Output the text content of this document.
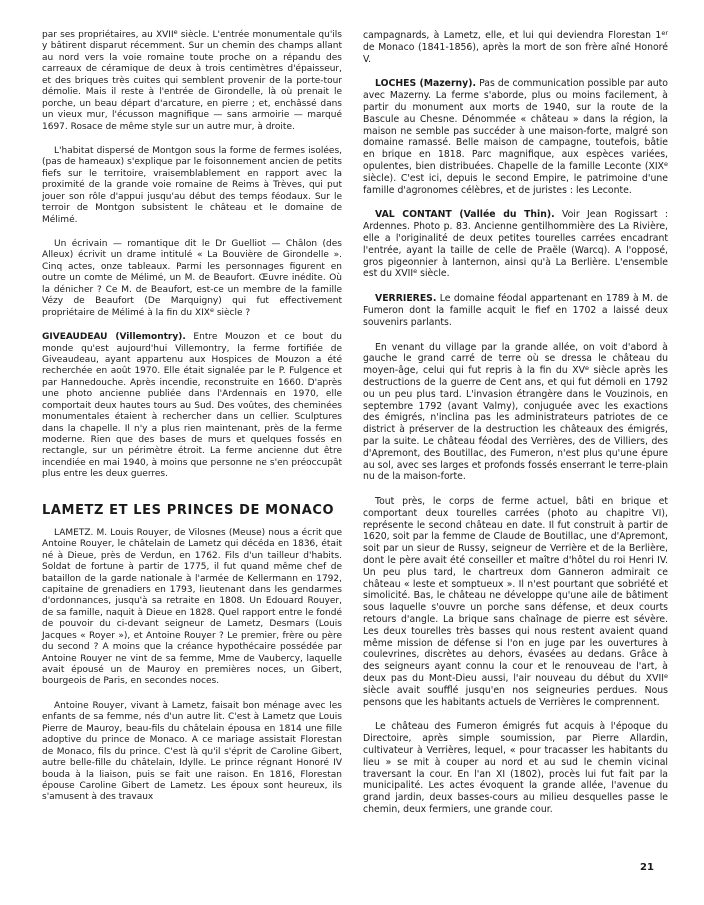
par ses propriétaires, au XVIIe siècle. L'entrée monumentale qu'ils y bâtirent disparut récemment. Sur un chemin des champs allant au nord vers la voie romaine toute proche on a répandu des carreaux de céramique de deux à trois centimètres d'épaisseur, et des briques très cuites qui semblent provenir de la porte-tour démolie. Mais il reste à l'entrée de Girondelle, là où prenait le porche, un beau départ d'arcature, en pierre ; et, enchâssé dans un vieux mur, l'écusson magnifique — sans armoirie — marqué 1697. Rosace de même style sur un autre mur, à droite.

L'habitat dispersé de Montgon sous la forme de fermes isolées, (pas de hameaux) s'explique par le foisonnement ancien de petits fiefs sur le territoire, vraisemblablement en rapport avec la proximité de la grande voie romaine de Reims à Trèves, qui put jouer son rôle d'appui jusqu'au début des temps féodaux. Sur le terroir de Montgon subsistent le château et le domaine de Mélimé.

Un écrivain — romantique dit le Dr Guelliot — Châlon (des Alleux) écrivit un drame intitulé « La Bouvière de Girondelle ». Cinq actes, onze tableaux. Parmi les personnages figurent en outre un comte de Mélimé, un M. de Beaufort. Œuvre inédite. Où la dénicher ? Ce M. de Beaufort, est-ce un membre de la famille Vézy de Beaufort (De Marquigny) qui fut effectivement propriétaire de Mélimé à la fin du XIXe siècle ?

GIVEAUDEAU (Villemontry). Entre Mouzon et ce bout du monde qu'est aujourd'hui Villemontry, la ferme fortifiée de Giveaudeau, ayant appartenu aux Hospices de Mouzon a été recherchée en août 1970. Elle était signalée par le P. Fulgence et par Hannedouche. Après incendie, reconstruite en 1660. D'après une photo ancienne publiée dans l'Ardennais en 1970, elle comportait deux hautes tours au Sud. Des voûtes, des cheminées monumentales étaient à rechercher dans un cellier. Sculptures dans la chapelle. Il n'y a plus rien maintenant, près de la ferme moderne. Rien que des bases de murs et quelques fossés en rectangle, sur un périmètre étroit. La ferme ancienne dut être incendiée en mai 1940, à moins que personne ne s'en préoccupât plus entre les deux guerres.

LAMETZ ET LES PRINCES DE MONACO

LAMETZ. M. Louis Rouyer, de Vilosnes (Meuse) nous a écrit que Antoine Rouyer, le châtelain de Lametz qui décéda en 1836, était né à Dieue, près de Verdun, en 1762. Fils d'un tailleur d'habits. Soldat de fortune à partir de 1775, il fut quand même chef de bataillon de la garde nationale à l'armée de Kellermann en 1792, capitaine de grenadiers en 1793, lieutenant dans les gendarmes d'ordonnances, jusqu'à sa retraite en 1808. Un Edouard Rouyer, de sa famille, naquit à Dieue en 1828. Quel rapport entre le fondé de pouvoir du ci-devant seigneur de Lametz, Desmars (Louis Jacques « Royer »), et Antoine Rouyer ? Le premier, frère ou père du second ? A moins que la créance hypothécaire possédée par Antoine Rouyer ne vint de sa femme, Mme de Vaubercy, laquelle avait épousé un de Mauroy en premières noces, un Gibert, bourgeois de Paris, en secondes noces.

Antoine Rouyer, vivant à Lametz, faisait bon ménage avec les enfants de sa femme, nés d'un autre lit. C'est à Lametz que Louis Pierre de Mauroy, beau-fils du châtelain épousa en 1814 une fille adoptive du prince de Monaco. A ce mariage assistait Florestan de Monaco, fils du prince. C'est là qu'il s'éprit de Caroline Gibert, autre belle-fille du châtelain, Idylle. Le prince régnant Honoré IV bouda à la liaison, puis se fait une raison. En 1816, Florestan épouse Caroline Gibert de Lametz. Les époux sont heureux, ils s'amusent à des travaux

campagnards, à Lametz, elle, et lui qui deviendra Florestan 1er de Monaco (1841-1856), après la mort de son frère aîné Honoré V.

LOCHES (Mazerny). Pas de communication possible par auto avec Mazerny. La ferme s'aborde, plus ou moins facilement, à partir du monument aux morts de 1940, sur la route de la Bascule au Chesne. Dénommée « château » dans la région, la maison ne semble pas succéder à une maison-forte, malgré son domaine ramassé. Belle maison de campagne, toutefois, bâtie en brique en 1818. Parc magnifique, aux espèces variées, opulentes, bien distribuées. Chapelle de la famille Leconte (XIXe siècle). C'est ici, depuis le second Empire, le patrimoine d'une famille d'agronomes célèbres, et de juristes : les Leconte.

VAL CONTANT (Vallée du Thin). Voir Jean Rogissart : Ardennes. Photo p. 83. Ancienne gentilhommière des La Rivière, elle a l'originalité de deux petites tourelles carrées encadrant l'entrée, ayant la taille de celle de Praële (Warcq). A l'opposé, gros pigeonnier à lanternon, ainsi qu'à La Berlière. L'ensemble est du XVIIe siècle.

VERRIERES. Le domaine féodal appartenant en 1789 à M. de Fumeron dont la famille acquit le fief en 1702 a laissé deux souvenirs parlants.

En venant du village par la grande allée, on voit d'abord à gauche le grand carré de terre où se dressa le château du moyen-âge, celui qui fut repris à la fin du XVe siècle après les destructions de la guerre de Cent ans, et qui fut démoli en 1792 ou un peu plus tard. L'invasion étrangère dans le Vouzinois, en septembre 1792 (avant Valmy), conjuguée avec les exactions des émigrés, n'inclina pas les administrateurs patriotes de ce district à préserver de la destruction les châteaux des émigrés, par la suite. Le château féodal des Verrières, des de Villiers, des d'Apremont, des Boutillac, des Fumeron, n'est plus qu'une épure au sol, avec ses larges et profonds fossés enserrant le terre-plain nu de la maison-forte.

Tout près, le corps de ferme actuel, bâti en brique et comportant deux tourelles carrées (photo au chapitre VI), représente le second château en date. Il fut construit à partir de 1620, soit par la femme de Claude de Boutillac, une d'Apremont, soit par un sieur de Russy, seigneur de Verrière et de la Berlière, dont le père avait été conseiller et maître d'hôtel du roi Henri IV. Un peu plus tard, le chartreux dom Ganneron admirait ce château « leste et somptueux ». Il n'est pourtant que sobriété et simolicité. Bas, le château ne développe qu'une aile de bâtiment sous laquelle s'ouvre un porche sans défense, et deux courts retours d'angle. La brique sans chaînage de pierre est sévère. Les deux tourelles très basses qui nous restent avaient quand même mission de défense si l'on en juge par les ouvertures à coulevrines, discrètes au dehors, évasées au dedans. Grâce à des seigneurs ayant connu la cour et le renouveau de l'art, à deux pas du Mont-Dieu aussi, l'air nouveau du début du XVIIe siècle avait soufflé jusqu'en nos seigneuries perdues. Nous pensons que les habitants actuels de Verrières le comprennent.

Le château des Fumeron émigrés fut acquis à l'époque du Directoire, après simple soumission, par Pierre Allardin, cultivateur à Verrières, lequel, « pour tracasser les habitants du lieu » se mit à couper au nord et au sud le chemin vicinal traversant la cour. En l'an XI (1802), procès lui fut fait par la municipalité. Les actes évoquent la grande allée, l'avenue du grand jardin, deux basses-cours au milieu desquelles passe le chemin, deux fermiers, une grande cour.

21
